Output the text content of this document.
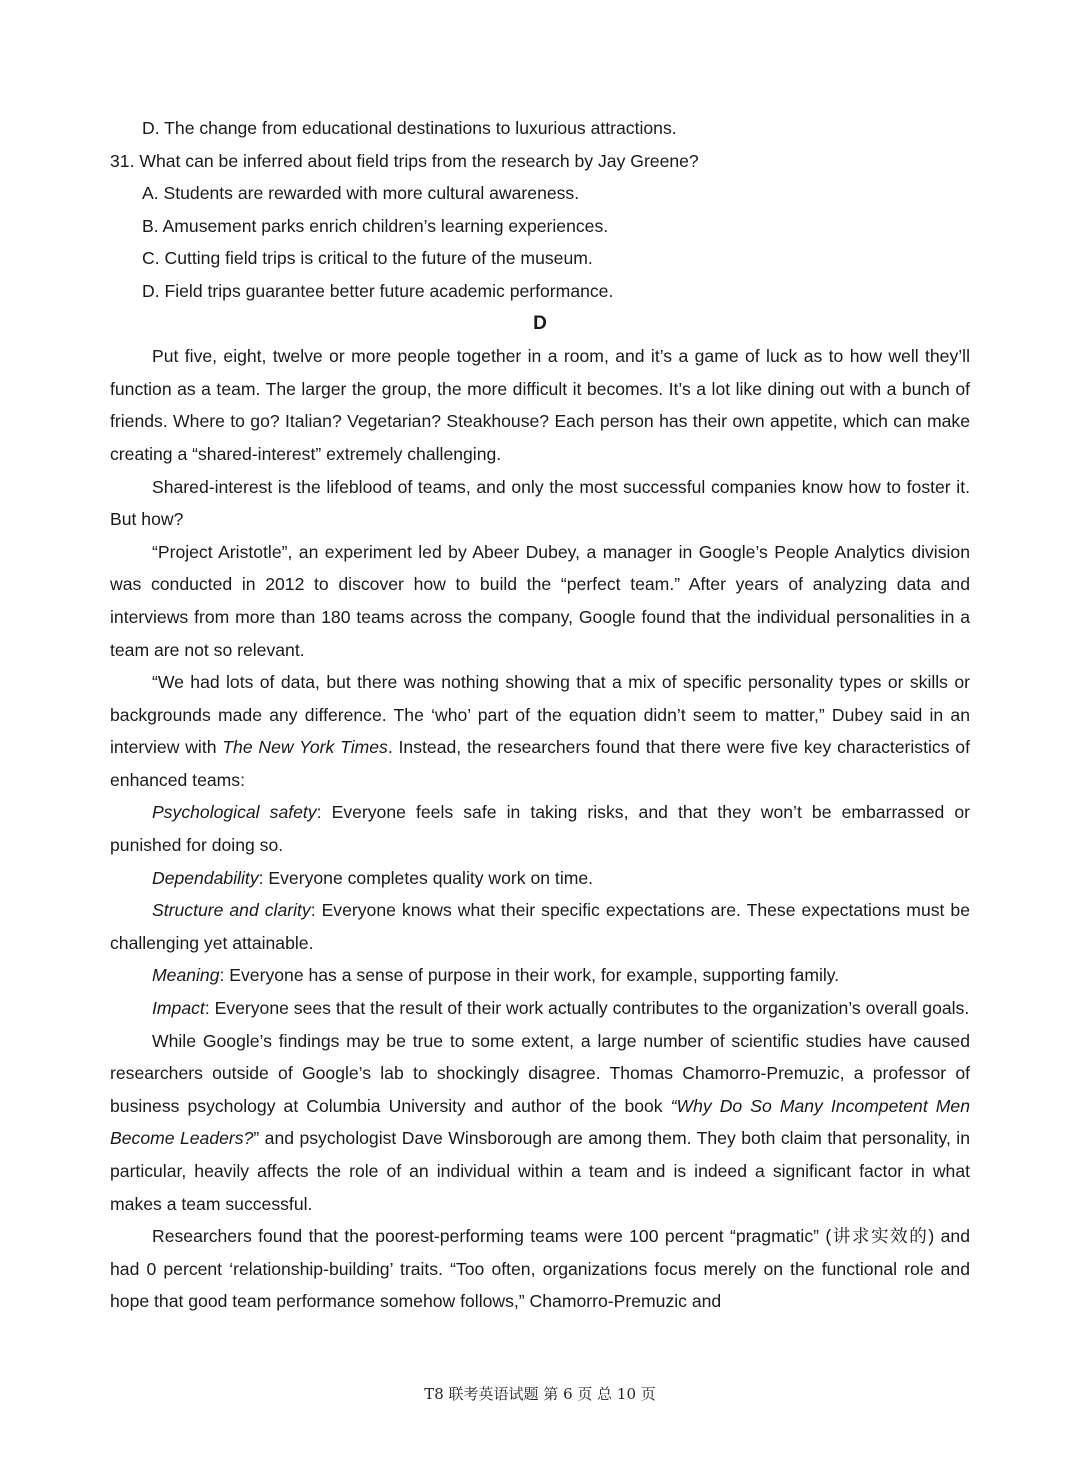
D. The change from educational destinations to luxurious attractions.
31. What can be inferred about field trips from the research by Jay Greene?
A. Students are rewarded with more cultural awareness.
B. Amusement parks enrich children’s learning experiences.
C. Cutting field trips is critical to the future of the museum.
D. Field trips guarantee better future academic performance.
D
Put five, eight, twelve or more people together in a room, and it’s a game of luck as to how well they’ll function as a team. The larger the group, the more difficult it becomes. It’s a lot like dining out with a bunch of friends. Where to go? Italian? Vegetarian? Steakhouse? Each person has their own appetite, which can make creating a “shared-interest” extremely challenging.
Shared-interest is the lifeblood of teams, and only the most successful companies know how to foster it. But how?
“Project Aristotle”, an experiment led by Abeer Dubey, a manager in Google’s People Analytics division was conducted in 2012 to discover how to build the “perfect team.” After years of analyzing data and interviews from more than 180 teams across the company, Google found that the individual personalities in a team are not so relevant.
“We had lots of data, but there was nothing showing that a mix of specific personality types or skills or backgrounds made any difference. The ‘who’ part of the equation didn’t seem to matter,” Dubey said in an interview with The New York Times. Instead, the researchers found that there were five key characteristics of enhanced teams:
Psychological safety: Everyone feels safe in taking risks, and that they won’t be embarrassed or punished for doing so.
Dependability: Everyone completes quality work on time.
Structure and clarity: Everyone knows what their specific expectations are. These expectations must be challenging yet attainable.
Meaning: Everyone has a sense of purpose in their work, for example, supporting family.
Impact: Everyone sees that the result of their work actually contributes to the organization’s overall goals.
While Google’s findings may be true to some extent, a large number of scientific studies have caused researchers outside of Google’s lab to shockingly disagree. Thomas Chamorro-Premuzic, a professor of business psychology at Columbia University and author of the book “Why Do So Many Incompetent Men Become Leaders?” and psychologist Dave Winsborough are among them. They both claim that personality, in particular, heavily affects the role of an individual within a team and is indeed a significant factor in what makes a team successful.
Researchers found that the poorest-performing teams were 100 percent “pragmatic” (讲求实效的) and had 0 percent ‘relationship-building’ traits. “Too often, organizations focus merely on the functional role and hope that good team performance somehow follows,” Chamorro-Premuzic and
T8 联考英语试题 第 6 页 总 10 页
